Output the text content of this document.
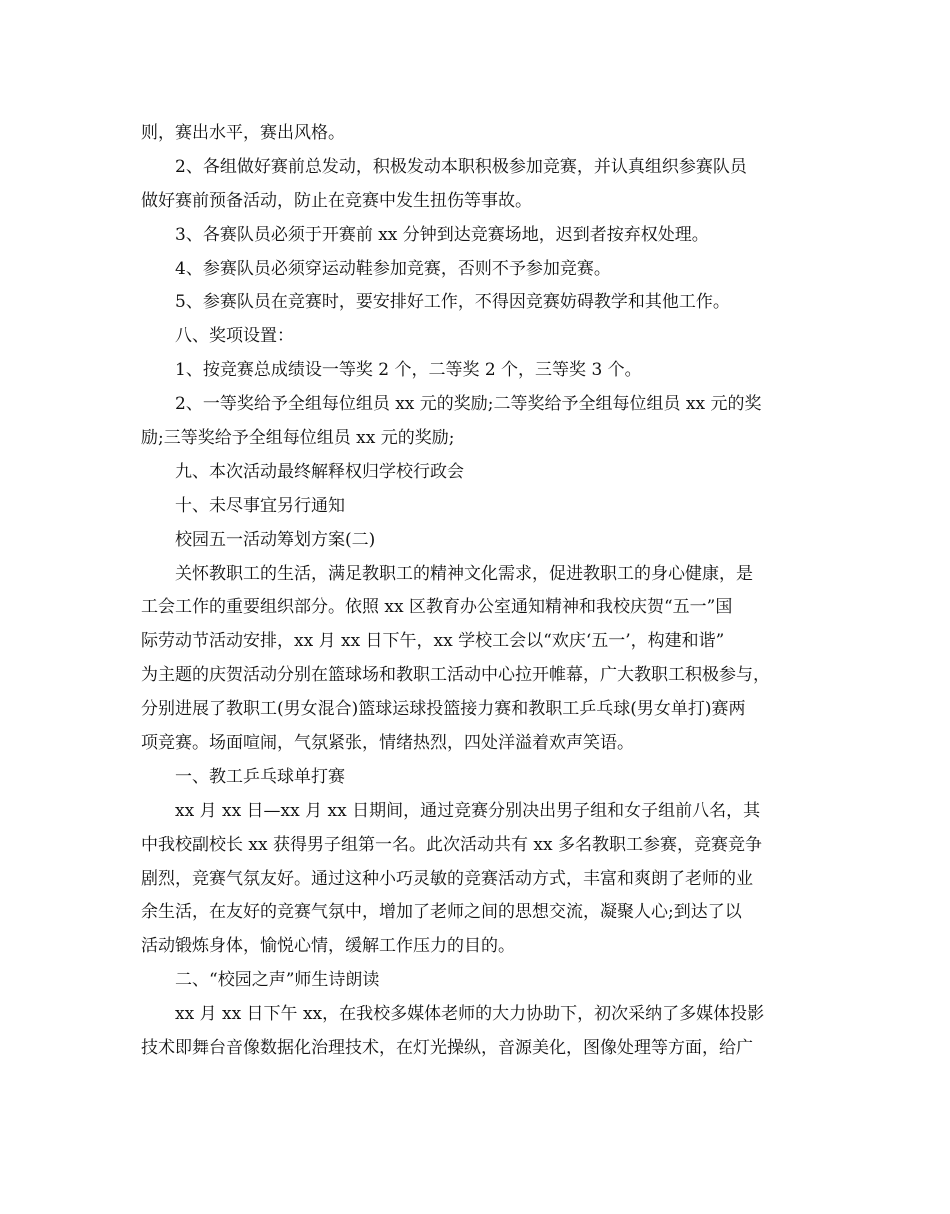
则，赛出水平，赛出风格。
2、各组做好赛前总发动，积极发动本职积极参加竞赛，并认真组织参赛队员
做好赛前预备活动，防止在竞赛中发生扭伤等事故。
3、各赛队员必须于开赛前 xx 分钟到达竞赛场地，迟到者按弃权处理。
4、参赛队员必须穿运动鞋参加竞赛，否则不予参加竞赛。
5、参赛队员在竞赛时，要安排好工作，不得因竞赛妨碍教学和其他工作。
八、奖项设置：
1、按竞赛总成绩设一等奖 2 个，二等奖 2 个，三等奖 3 个。
2、一等奖给予全组每位组员 xx 元的奖励;二等奖给予全组每位组员 xx 元的奖
励;三等奖给予全组每位组员 xx 元的奖励;
九、本次活动最终解释权归学校行政会
十、未尽事宜另行通知
校园五一活动筹划方案(二)
关怀教职工的生活，满足教职工的精神文化需求，促进教职工的身心健康，是
工会工作的重要组织部分。依照 xx 区教育办公室通知精神和我校庆贺“五一”国
际劳动节活动安排，xx 月 xx 日下午，xx 学校工会以“欢庆‘五一’，构建和谐”
为主题的庆贺活动分别在篮球场和教职工活动中心拉开帷幕，广大教职工积极参与，
分别进展了教职工(男女混合)篮球运球投篮接力赛和教职工乒乓球(男女单打)赛两
项竞赛。场面喧闹，气氛紧张，情绪热烈，四处洋溢着欢声笑语。
一、教工乒乓球单打赛
xx 月 xx 日—xx 月 xx 日期间，通过竞赛分别决出男子组和女子组前八名，其
中我校副校长 xx 获得男子组第一名。此次活动共有 xx 多名教职工参赛，竞赛竞争
剧烈，竞赛气氛友好。通过这种小巧灵敏的竞赛活动方式，丰富和爽朗了老师的业
余生活，在友好的竞赛气氛中，增加了老师之间的思想交流，凝聚人心;到达了以
活动锻炼身体，愉悦心情，缓解工作压力的目的。
二、“校园之声”师生诗朗读
xx 月 xx 日下午 xx，在我校多媒体老师的大力协助下，初次采纳了多媒体投影
技术即舞台音像数据化治理技术，在灯光操纵，音源美化，图像处理等方面，给广
